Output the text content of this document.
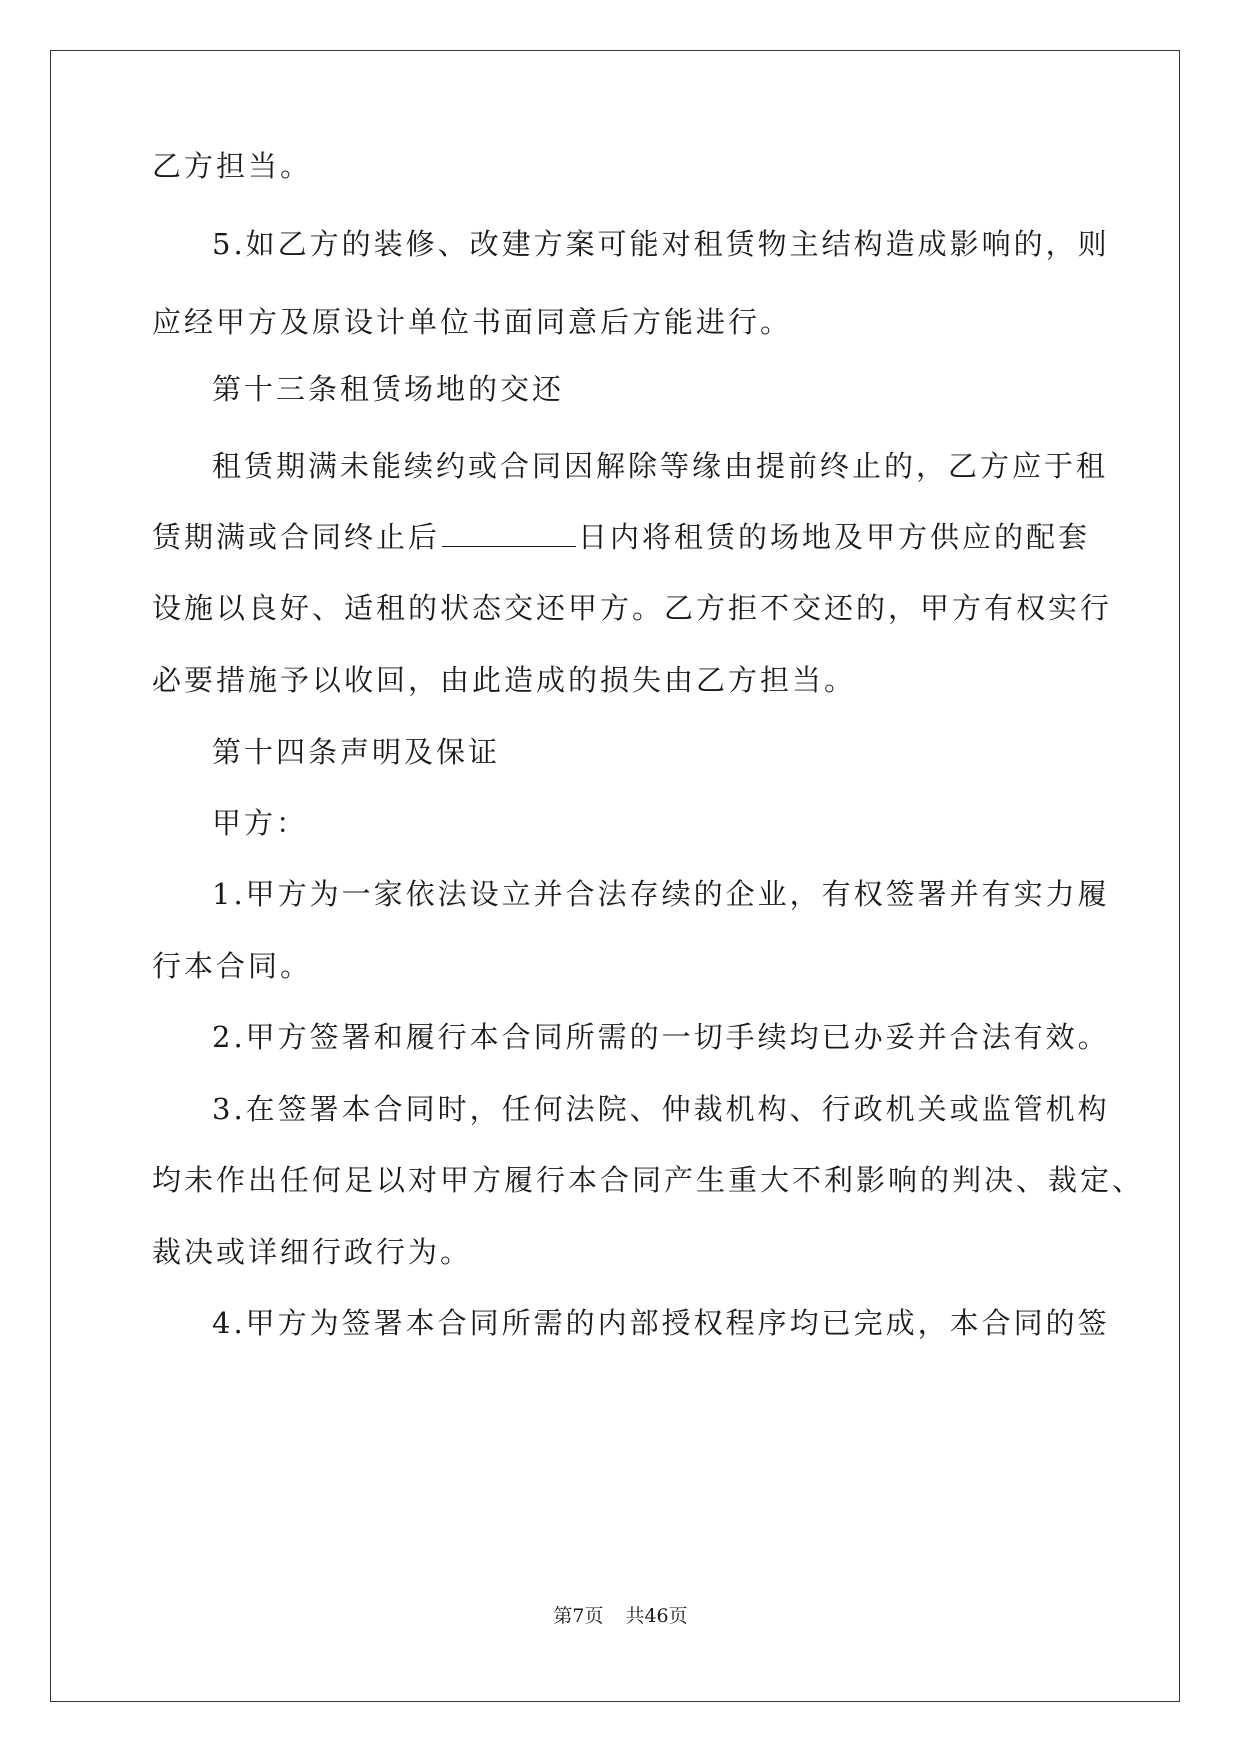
乙方担当。
5.如乙方的装修、改建方案可能对租赁物主结构造成影响的，则
应经甲方及原设计单位书面同意后方能进行。
第十三条租赁场地的交还
租赁期满未能续约或合同因解除等缘由提前终止的，乙方应于租
赁期满或合同终止后	日内将租赁的场地及甲方供应的配套
设施以良好、适租的状态交还甲方。乙方拒不交还的，甲方有权实行
必要措施予以收回，由此造成的损失由乙方担当。
第十四条声明及保证
甲方：
1.甲方为一家依法设立并合法存续的企业，有权签署并有实力履
行本合同。
2.甲方签署和履行本合同所需的一切手续均已办妥并合法有效。
3.在签署本合同时，任何法院、仲裁机构、行政机关或监管机构
均未作出任何足以对甲方履行本合同产生重大不利影响的判决、裁定、
裁决或详细行政行为。
4.甲方为签署本合同所需的内部授权程序均已完成，本合同的签
第7页 共46页
